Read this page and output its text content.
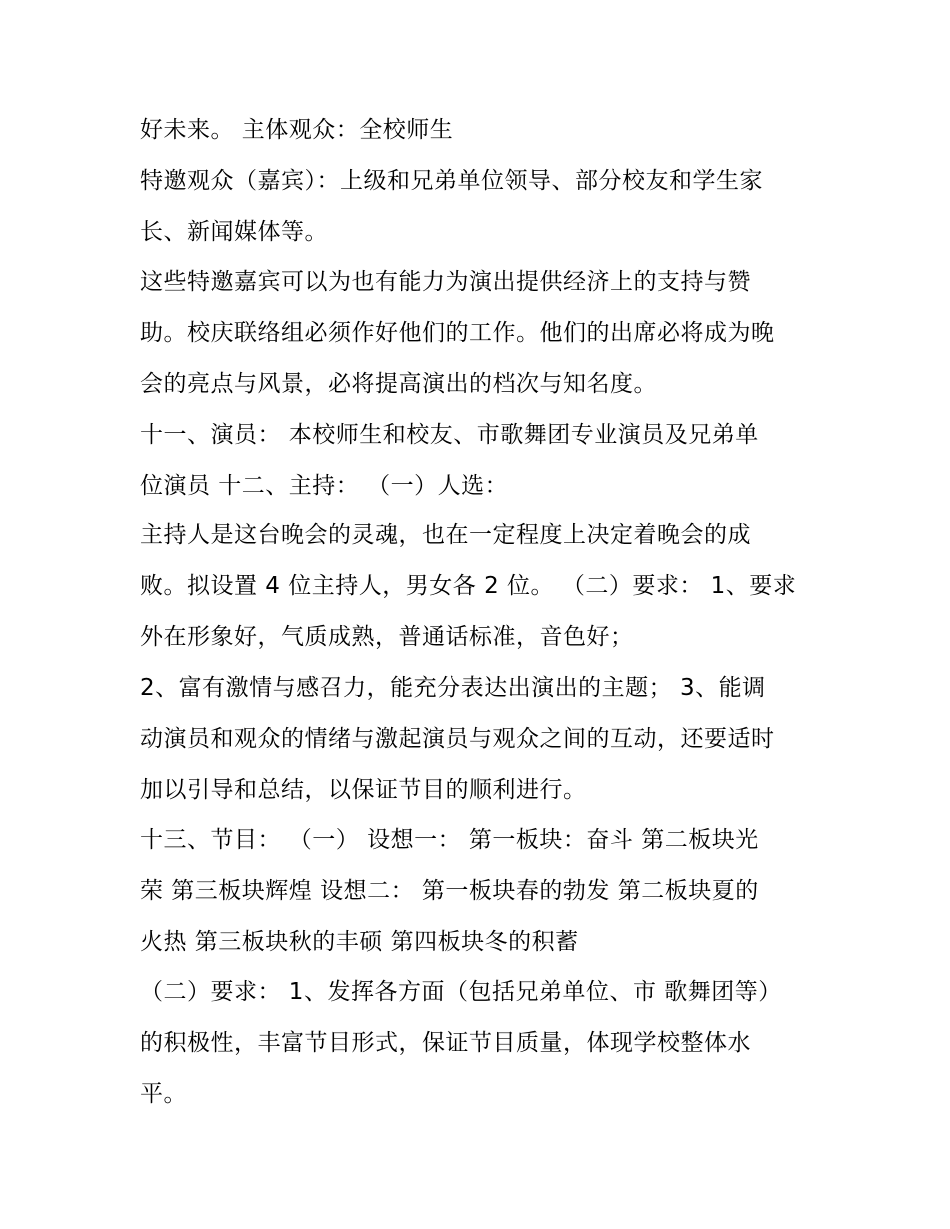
好未来。 主体观众：全校师生
特邀观众（嘉宾）：上级和兄弟单位领导、部分校友和学生家
长、新闻媒体等。
这些特邀嘉宾可以为也有能力为演出提供经济上的支持与赞
助。校庆联络组必须作好他们的工作。他们的出席必将成为晚
会的亮点与风景，必将提高演出的档次与知名度。
十一、演员： 本校师生和校友、市歌舞团专业演员及兄弟单
位演员 十二、主持： （一）人选：
主持人是这台晚会的灵魂，也在一定程度上决定着晚会的成
败。拟设置 4 位主持人，男女各 2 位。 （二）要求： 1、要求
外在形象好，气质成熟，普通话标准，音色好；
2、富有激情与感召力，能充分表达出演出的主题； 3、能调
动演员和观众的情绪与激起演员与观众之间的互动，还要适时
加以引导和总结，以保证节目的顺利进行。
十三、节目： （一） 设想一： 第一板块：奋斗 第二板块光
荣 第三板块辉煌 设想二： 第一板块春的勃发 第二板块夏的
火热 第三板块秋的丰硕 第四板块冬的积蓄
（二）要求： 1、发挥各方面（包括兄弟单位、市 歌舞团等）
的积极性，丰富节目形式，保证节目质量，体现学校整体水
平。
